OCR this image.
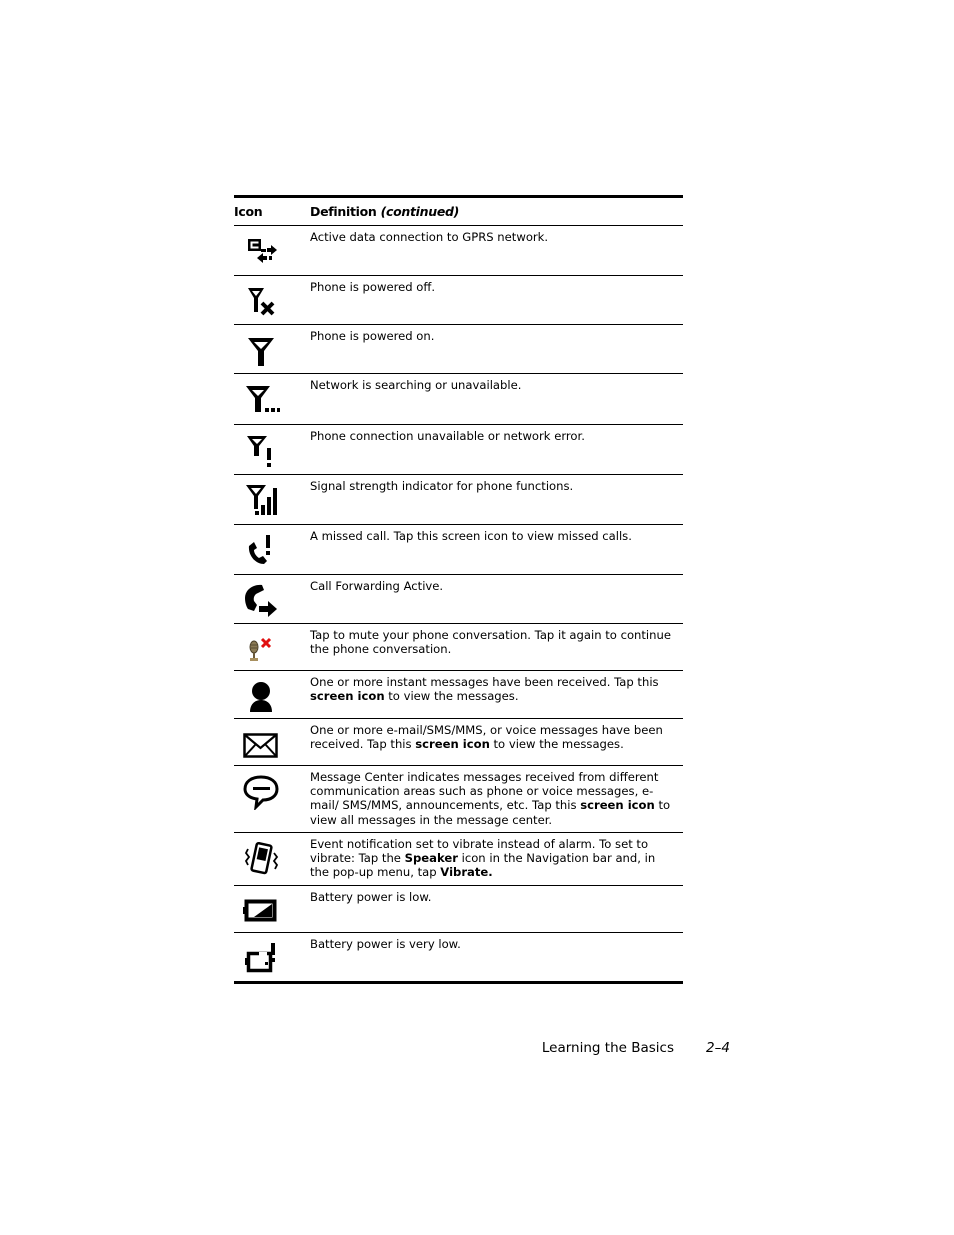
Icon	Definition (continued)
Active data connection to GPRS network.
Phone is powered off.
Phone is powered on.
Network is searching or unavailable.
Phone connection unavailable or network error.
Signal strength indicator for phone functions.
A missed call. Tap this screen icon to view missed calls.
Call Forwarding Active.
Tap to mute your phone conversation. Tap it again to continue the phone conversation.
One or more instant messages have been received. Tap this screen icon to view the messages.
One or more e-mail/SMS/MMS, or voice messages have been received. Tap this screen icon to view the messages.
Message Center indicates messages received from different communication areas such as phone or voice messages, e-mail/ SMS/MMS, announcements, etc. Tap this screen icon to view all messages in the message center.
Event notification set to vibrate instead of alarm. To set to vibrate: Tap the Speaker icon in the Navigation bar and, in the pop-up menu, tap Vibrate.
Battery power is low.
Battery power is very low.
Learning the Basics 2–4
